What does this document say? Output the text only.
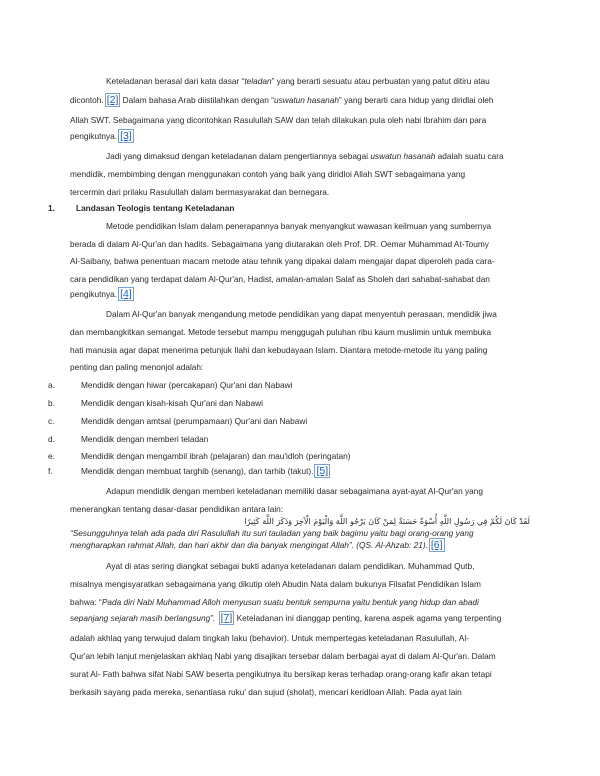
Keteladanan berasal dari kata dasar “teladan” yang berarti sesuatu atau perbuatan yang patut ditiru atau
dicontoh. [2] Dalam bahasa Arab diistilahkan dengan “uswatun hasanah” yang berarti cara hidup yang diridlai oleh
Allah SWT. Sebagaimana yang dicontohkan Rasulullah SAW dan telah dilakukan pula oleh nabi Ibrahim dan para
pengikutnya. [3]
Jadi yang dimaksud dengan keteladanan dalam pengertiannya sebagai uswatun hasanah adalah suatu cara
mendidik, membimbing dengan menggunakan contoh yang baik yang diridloi Allah SWT sebagaimana yang
tercermin dari prilaku Rasulullah dalam bermasyarakat dan bernegara.
1.	Landasan Teologis tentang Keteladanan
Metode pendidikan Islam dalam penerapannya banyak menyangkut wawasan keilmuan yang sumbernya
berada di dalam Al-Qur'an dan hadits. Sebagaimana yang diutarakan oleh Prof. DR. Oemar Muhammad At-Toumy
Al-Saibany, bahwa penentuan macam metode atau tehnik yang dipakai dalam mengajar dapat diperoleh pada cara-
cara pendidikan yang terdapat dalam Al-Qur'an, Hadist, amalan-amalan Salaf as Sholeh dari sahabat-sahabat dan
pengikutnya. [4]
Dalam Al-Qur'an banyak mengandung metode pendidikan yang dapat menyentuh perasaan, mendidik jiwa
dan membangkitkan semangat. Metode tersebut mampu menggugah puluhan ribu kaum muslimin untuk membuka
hati manusia agar dapat menerima petunjuk Ilahi dan kebudayaan Islam. Diantara metode-metode itu yang paling
penting dan paling menonjol adalah:
a.	Mendidik dengan hiwar (percakapan) Qur'ani dan Nabawi
b.	Mendidik dengan kisah-kisah Qur'ani dan Nabawi
c.	Mendidik dengan amtsal (perumpamaan) Qur'ani dan Nabawi
d.	Mendidik dengan memberi teladan
e.	Mendidik dengan mengambil ibrah (pelajaran) dan mau'idloh (peringatan)
f.	Mendidik dengan membuat targhib (senang), dan tarhib (takut). [5]
Adapun mendidik dengan memberi keteladanan memiliki dasar sebagaimana ayat-ayat Al-Qur'an yang
menerangkan tentang dasar-dasar pendidikan antara lain:
لَقَدْ كَانَ لَكُمْ فِي رَسُولِ اللَّهِ أُسْوَةٌ حَسَنَةٌ لِمَنْ كَانَ يَرْجُو اللَّهَ وَالْيَوْمَ الْآخِرَ وَذَكَرَ اللَّهَ كَثِيرًا
“Sesungguhnya telah ada pada diri Rasulullah itu suri tauladan yang baik bagimu yaitu bagi orang-orang yang
mengharapkan rahmat Allah, dan hari akhir dan dia banyak mengingat Allah”. (QS. Al-Ahzab: 21). [6]
Ayat di atas sering diangkat sebagai bukti adanya keteladanan dalam pendidikan. Muhammad Qutb,
misalnya mengisyaratkan sebagaimana yang dikutip oleh Abudin Nata dalam bukunya Filsafat Pendidikan Islam
bahwa: “Pada diri Nabi Muhammad Alloh menyusun suatu bentuk sempurna yaitu bentuk yang hidup dan abadi
sepanjang sejarah masih berlangsung”. [7] Keteladanan ini dianggap penting, karena aspek agama yang terpenting
adalah akhlaq yang terwujud dalam tingkah laku (behavior). Untuk mempertegas keteladanan Rasulullah, Al-
Qur'an lebih lanjut menjelaskan akhlaq Nabi yang disajikan tersebar dalam berbagai ayat di dalam Al-Qur'an. Dalam
surat Al- Fath bahwa sifat Nabi SAW beserta pengikutnya itu bersikap keras terhadap orang-orang kafir akan tetapi
berkasih sayang pada mereka, senantiasa ruku' dan sujud (sholat), mencari keridloan Allah. Pada ayat lain
